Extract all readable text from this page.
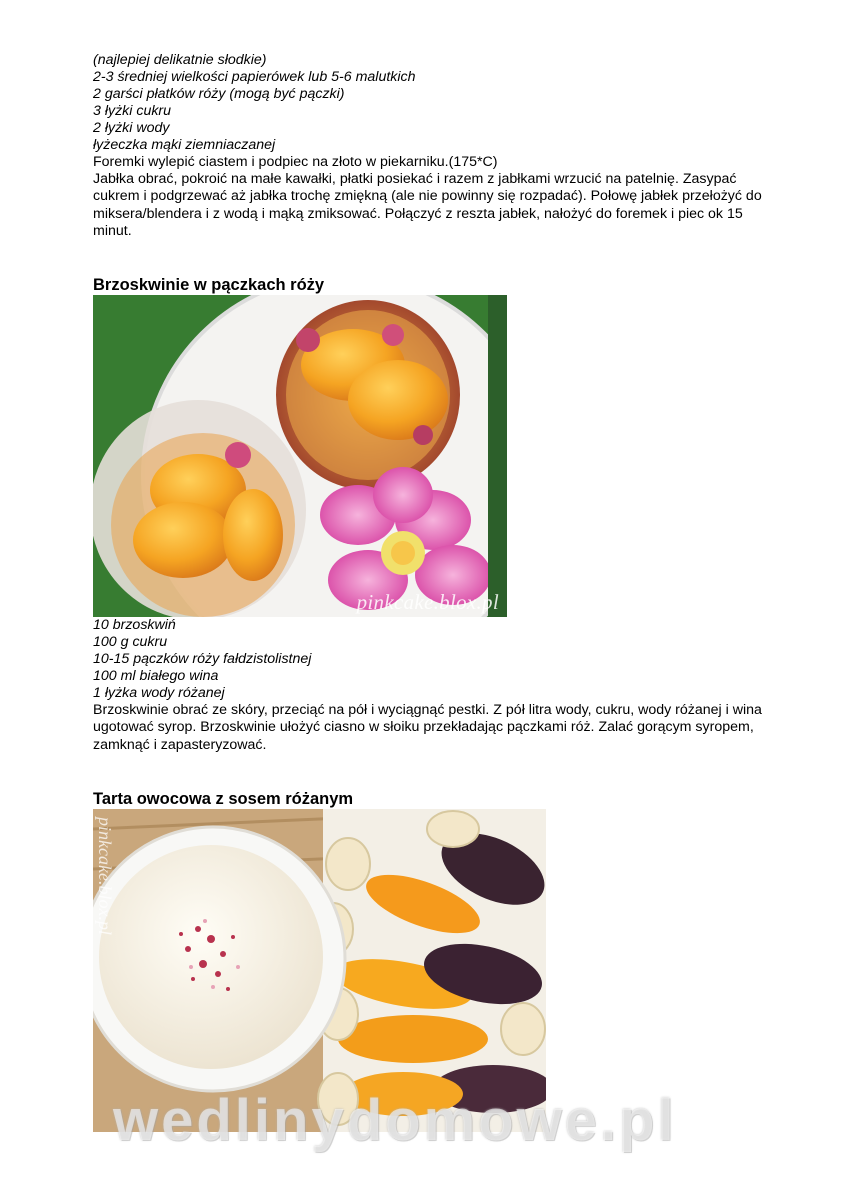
(najlepiej delikatnie słodkie)
2-3 średniej wielkości papierówek lub 5-6 malutkich
2 garści płatków róży (mogą być pączki)
3 łyżki cukru
2 łyżki wody
łyżeczka mąki ziemniaczanej
Foremki wylepić ciastem i podpiec na złoto w piekarniku.(175*C)
Jabłka obrać, pokroić na małe kawałki, płatki posiekać i razem z jabłkami wrzucić na patelnię. Zasypać cukrem i podgrzewać aż jabłka trochę zmiękną (ale nie powinny się rozpadać). Połowę jabłek przełożyć do miksera/blendera i z wodą i mąką zmiksować. Połączyć z reszta jabłek, nałożyć do foremek i piec ok 15 minut.
Brzoskwinie w pączkach róży
pinkcake.blox.pl
10 brzoskwiń
100 g cukru
10-15 pączków róży fałdzistolistnej
100 ml białego wina
1 łyżka wody różanej
Brzoskwinie obrać ze skóry, przeciąć na pół i wyciągnąć pestki. Z pół litra wody, cukru, wody różanej i wina ugotować syrop. Brzoskwinie ułożyć ciasno w słoiku przekładając pączkami róż. Zalać gorącym syropem, zamknąć i zapasteryzować.
Tarta owocowa z sosem różanym
pinkcake.blox.pl
wedlinydomowe.pl
